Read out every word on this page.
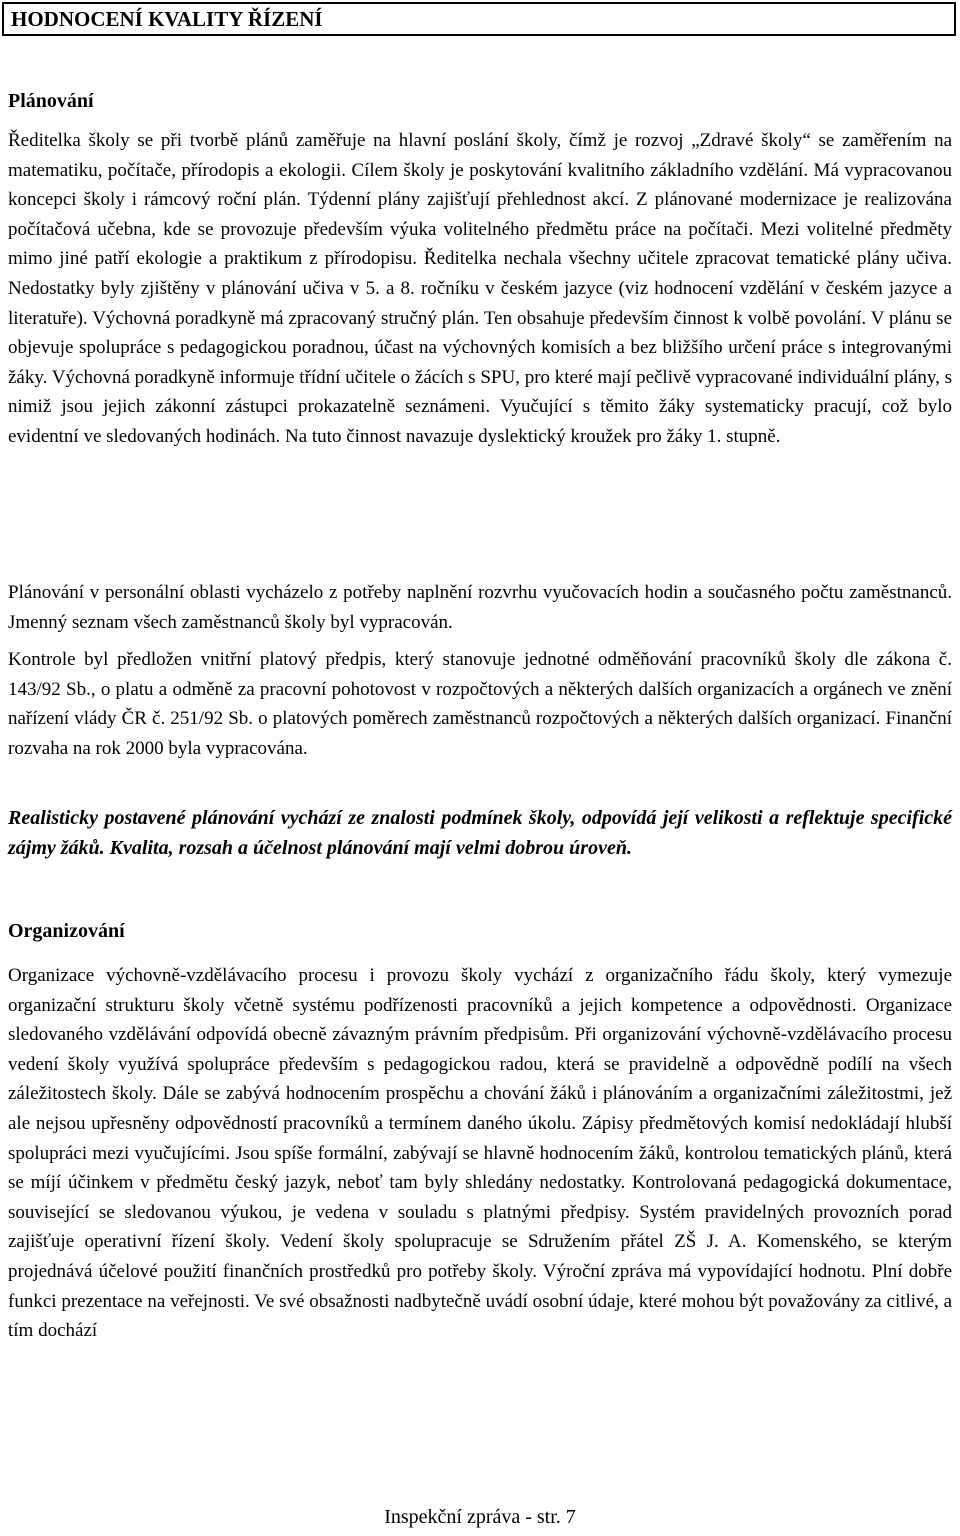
HODNOCENÍ KVALITY ŘÍZENÍ
Plánování

Ředitelka školy se při tvorbě plánů zaměřuje na hlavní poslání školy, čímž je rozvoj „Zdravé školy“ se zaměřením na matematiku, počítače, přírodopis a ekologii. Cílem školy je poskytování kvalitního základního vzdělání. Má vypracovanou koncepci školy i rámcový roční plán. Týdenní plány zajišťují přehlednost akcí. Z plánované modernizace je realizována počítačová učebna, kde se provozuje především výuka volitelného předmětu práce na počítači. Mezi volitelné předměty mimo jiné patří ekologie a praktikum z přírodopisu. Ředitelka nechala všechny učitele zpracovat tematické plány učiva. Nedostatky byly zjištěny v plánování učiva v 5. a 8. ročníku v českém jazyce (viz hodnocení vzdělání v českém jazyce a literatuře). Výchovná poradkyně má zpracovaný stručný plán. Ten obsahuje především činnost k volbě povolání. V plánu se objevuje spolupráce s pedagogickou poradnou, účast na výchovných komisích a bez bližšího určení práce s integrovanými žáky. Výchovná poradkyně informuje třídní učitele o žácích s SPU, pro které mají pečlivě vypracované individuální plány, s nimiž jsou jejich zákonní zástupci prokazatelně seznámeni. Vyučující s těmito žáky systematicky pracují, což bylo evidentní ve sledovaných hodinách. Na tuto činnost navazuje dyslektický kroužek pro žáky 1. stupně.

Plánování v personální oblasti vycházelo z potřeby naplnění rozvrhu vyučovacích hodin a současného počtu zaměstnanců. Jmenný seznam všech zaměstnanců školy byl vypracován.

Kontrole byl předložen vnitřní platový předpis, který stanovuje jednotné odměňování pracovníků školy dle zákona č. 143/92 Sb., o platu a odměně za pracovní pohotovost v rozpočtových a některých dalších organizacích a orgánech ve znění nařízení vlády ČR č. 251/92 Sb. o platových poměrech zaměstnanců rozpočtových a některých dalších organizací. Finanční rozvaha na rok 2000 byla vypracována.

Realisticky postavené plánování vychází ze znalosti podmínek školy, odpovídá její velikosti a reflektuje specifické zájmy žáků. Kvalita, rozsah a účelnost plánování mají velmi dobrou úroveň.

Organizování

Organizace výchovně-vzdělávacího procesu i provozu školy vychází z organizačního řádu školy, který vymezuje organizační strukturu školy včetně systému podřízenosti pracovníků a jejich kompetence a odpovědnosti. Organizace sledovaného vzdělávání odpovídá obecně závazným právním předpisům. Při organizování výchovně-vzdělávacího procesu vedení školy využívá spolupráce především s pedagogickou radou, která se pravidelně a odpovědně podílí na všech záležitostech školy. Dále se zabývá hodnocením prospěchu a chování žáků i plánováním a organizačními záležitostmi, jež ale nejsou upřesněny odpovědností pracovníků a termínem daného úkolu. Zápisy předmětových komisí nedokládají hlubší spolupráci mezi vyučujícími. Jsou spíše formální, zabývají se hlavně hodnocením žáků, kontrolou tematických plánů, která se míjí účinkem v předmětu český jazyk, neboť tam byly shledány nedostatky. Kontrolovaná pedagogická dokumentace, související se sledovanou výukou, je vedena v souladu s platnými předpisy. Systém pravidelných provozních porad zajišťuje operativní řízení školy. Vedení školy spolupracuje se Sdružením přátel ZŠ J. A. Komenského, se kterým projednává účelové použití finančních prostředků pro potřeby školy. Výroční zpráva má vypovídající hodnotu. Plní dobře funkci prezentace na veřejnosti. Ve své obsažnosti nadbytečně uvádí osobní údaje, které mohou být považovány za citlivé, a tím dochází

Inspekční zpráva - str. 7
